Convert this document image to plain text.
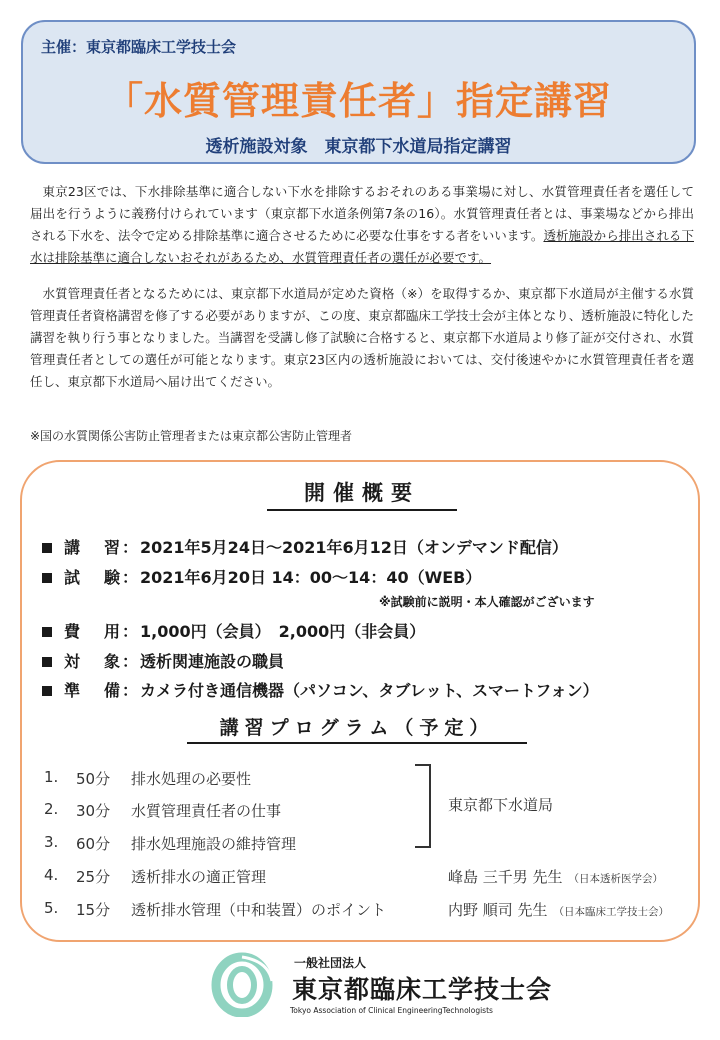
主催：東京都臨床工学技士会

「水質管理責任者」指定講習

透析施設対象　東京都下水道局指定講習

東京23区では、下水排除基準に適合しない下水を排除するおそれのある事業場に対し、水質管理責任者を選任して届出を行うように義務付けられています（東京都下水道条例第7条の16）。水質管理責任者とは、事業場などから排出される下水を、法令で定める排除基準に適合させるために必要な仕事をする者をいいます。透析施設から排出される下水は排除基準に適合しないおそれがあるため、水質管理責任者の選任が必要です。

水質管理責任者となるためには、東京都下水道局が定めた資格（※）を取得するか、東京都下水道局が主催する水質管理責任者資格講習を修了する必要がありますが、この度、東京都臨床工学技士会が主体となり、透析施設に特化した講習を執り行う事となりました。当講習を受講し修了試験に合格すると、東京都下水道局より修了証が交付され、水質管理責任者としての選任が可能となります。東京23区内の透析施設においては、交付後速やかに水質管理責任者を選任し、東京都下水道局へ届け出てください。

※国の水質関係公害防止管理者または東京都公害防止管理者

開催概要
講習 ： 2021年5月24日～2021年6月12日（オンデマンド配信）
試験 ： 2021年6月20日 14：00～14：40（WEB）

※試験前に説明・本人確認がございます

費用 ： 1,000円（会員）　2,000円（非会員）
対象 ： 透析関連施設の職員
準備 ： カメラ付き通信機器（パソコン、タブレット、スマートフォン）
講習プログラム（予定）
1. 50分 排水処理の必要性
2. 30分 水質管理責任者の仕事
3. 60分 排水処理施設の維持管理

東京都下水道局

4. 25分 透析排水の適正管理	峰島 三千男 先生 （日本透析医学会）
5. 15分 透析排水管理（中和装置）のポイント	内野 順司 先生 （日本臨床工学技士会）

一般社団法人

東京都臨床工学技士会

Tokyo Association of Clinical EngineeringTechnologists
